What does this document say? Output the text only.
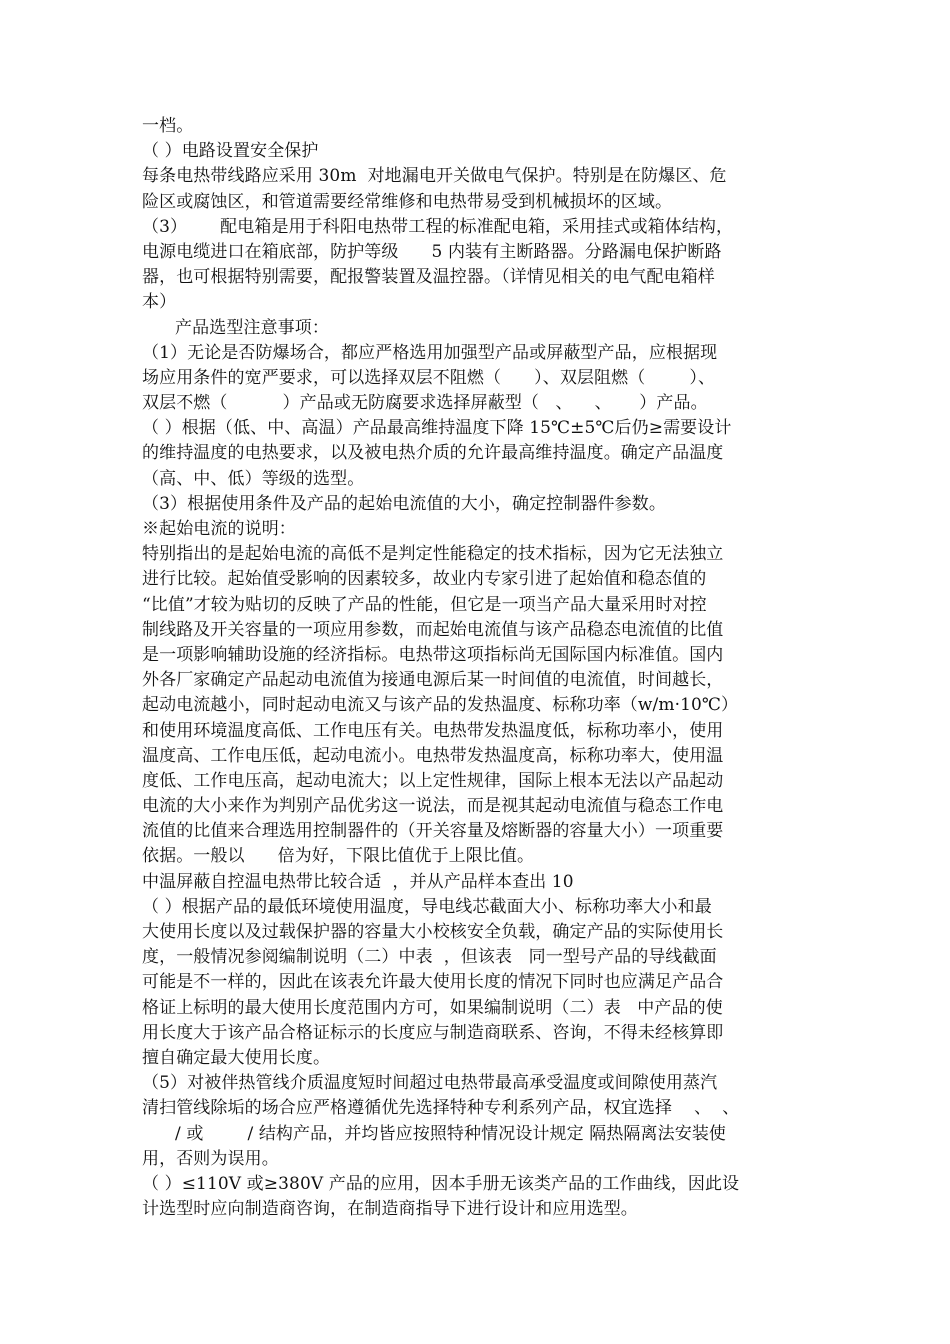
一档。
（ ）电路设置安全保护
每条电热带线路应采用 30m  对地漏电开关做电气保护。特别是在防爆区、危
险区或腐蚀区，和管道需要经常维修和电热带易受到机械损坏的区域。
（3）      配电箱是用于科阳电热带工程的标准配电箱，采用挂式或箱体结构，
电源电缆进口在箱底部，防护等级      5 内装有主断路器。分路漏电保护断路
器，也可根据特别需要，配报警装置及温控器。（详情见相关的电气配电箱样
本）
产品选型注意事项：
（1）无论是否防爆场合，都应严格选用加强型产品或屏蔽型产品，应根据现
场应用条件的宽严要求，可以选择双层不阻燃（      ）、双层阻燃（        ）、
双层不燃（          ）产品或无防腐要求选择屏蔽型（   、    、     ）产品。
（ ）根据（低、中、高温）产品最高维持温度下降 15℃±5℃后仍≥需要设计
的维持温度的电热要求，以及被电热介质的允许最高维持温度。确定产品温度
（高、中、低）等级的选型。
（3）根据使用条件及产品的起始电流值的大小，确定控制器件参数。
※起始电流的说明：
特别指出的是起始电流的高低不是判定性能稳定的技术指标，因为它无法独立
进行比较。起始值受影响的因素较多，故业内专家引进了起始值和稳态值的
“比值”才较为贴切的反映了产品的性能，但它是一项当产品大量采用时对控
制线路及开关容量的一项应用参数，而起始电流值与该产品稳态电流值的比值
是一项影响辅助设施的经济指标。电热带这项指标尚无国际国内标准值。国内
外各厂家确定产品起动电流值为接通电源后某一时间值的电流值，时间越长，
起动电流越小，同时起动电流又与该产品的发热温度、标称功率（w/m·10℃）
和使用环境温度高低、工作电压有关。电热带发热温度低，标称功率小，使用
温度高、工作电压低，起动电流小。电热带发热温度高，标称功率大，使用温
度低、工作电压高，起动电流大；以上定性规律，国际上根本无法以产品起动
电流的大小来作为判别产品优劣这一说法，而是视其起动电流值与稳态工作电
流值的比值来合理选用控制器件的（开关容量及熔断器的容量大小）一项重要
依据。一般以      倍为好，下限比值优于上限比值。
中温屏蔽自控温电热带比较合适  ，并从产品样本查出 10
（ ）根据产品的最低环境使用温度，导电线芯截面大小、标称功率大小和最
大使用长度以及过载保护器的容量大小校核安全负载，确定产品的实际使用长
度，一般情况参阅编制说明（二）中表  ，但该表   同一型号产品的导线截面
可能是不一样的，因此在该表允许最大使用长度的情况下同时也应满足产品合
格证上标明的最大使用长度范围内方可，如果编制说明（二）表   中产品的使
用长度大于该产品合格证标示的长度应与制造商联系、咨询，不得未经核算即
擅自确定最大使用长度。
（5）对被伴热管线介质温度短时间超过电热带最高承受温度或间隙使用蒸汽
清扫管线除垢的场合应严格遵循优先选择特种专利系列产品，权宜选择    、  、
/ 或        / 结构产品，并均皆应按照特种情况设计规定 隔热隔离法安装使
用，否则为误用。
（ ）≤110V 或≥380V 产品的应用，因本手册无该类产品的工作曲线，因此设
计选型时应向制造商咨询，在制造商指导下进行设计和应用选型。
